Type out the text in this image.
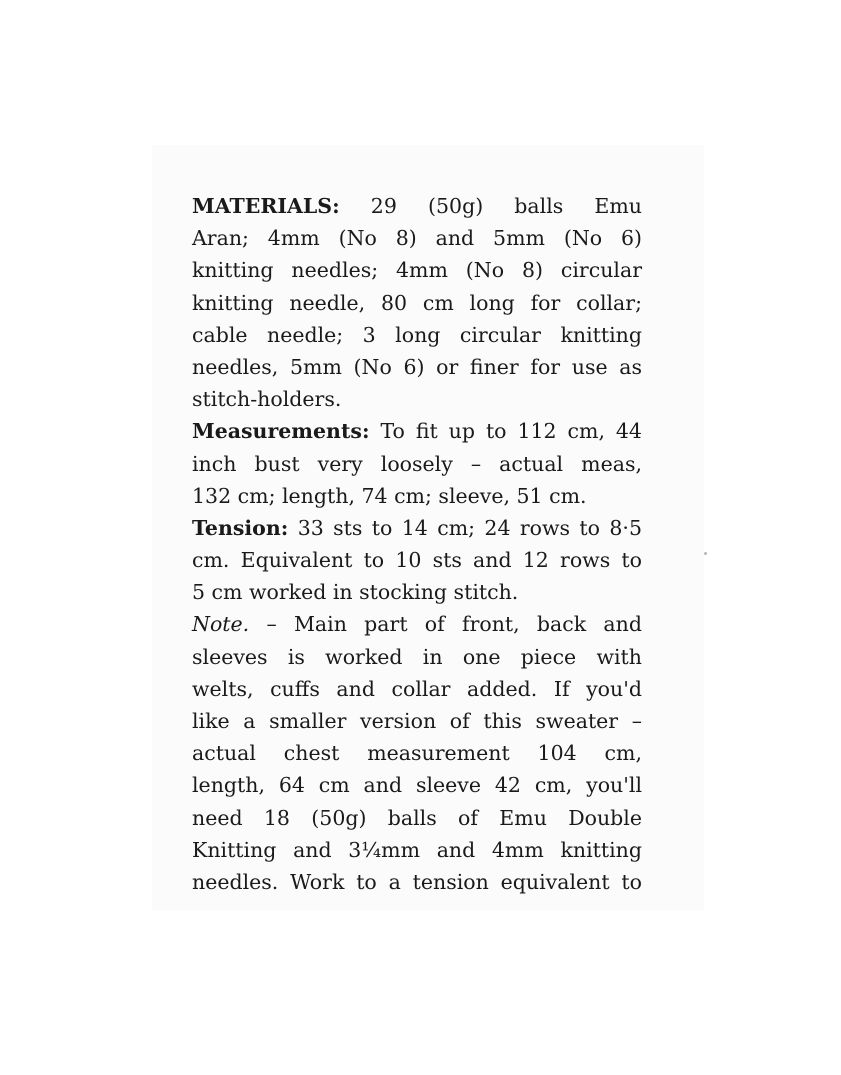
MATERIALS: 29 (50g) balls Emu
Aran; 4mm (No 8) and 5mm (No 6)
knitting needles; 4mm (No 8) circular
knitting needle, 80 cm long for collar;
cable needle; 3 long circular knitting
needles, 5mm (No 6) or finer for use as
stitch-holders.
Measurements: To fit up to 112 cm, 44
inch bust very loosely – actual meas,
132 cm; length, 74 cm; sleeve, 51 cm.
Tension: 33 sts to 14 cm; 24 rows to 8·5
cm. Equivalent to 10 sts and 12 rows to
5 cm worked in stocking stitch.
Note. – Main part of front, back and
sleeves is worked in one piece with
welts, cuffs and collar added. If you'd
like a smaller version of this sweater –
actual chest measurement 104 cm,
length, 64 cm and sleeve 42 cm, you'll
need 18 (50g) balls of Emu Double
Knitting and 3¼mm and 4mm knitting
needles. Work to a tension equivalent to
